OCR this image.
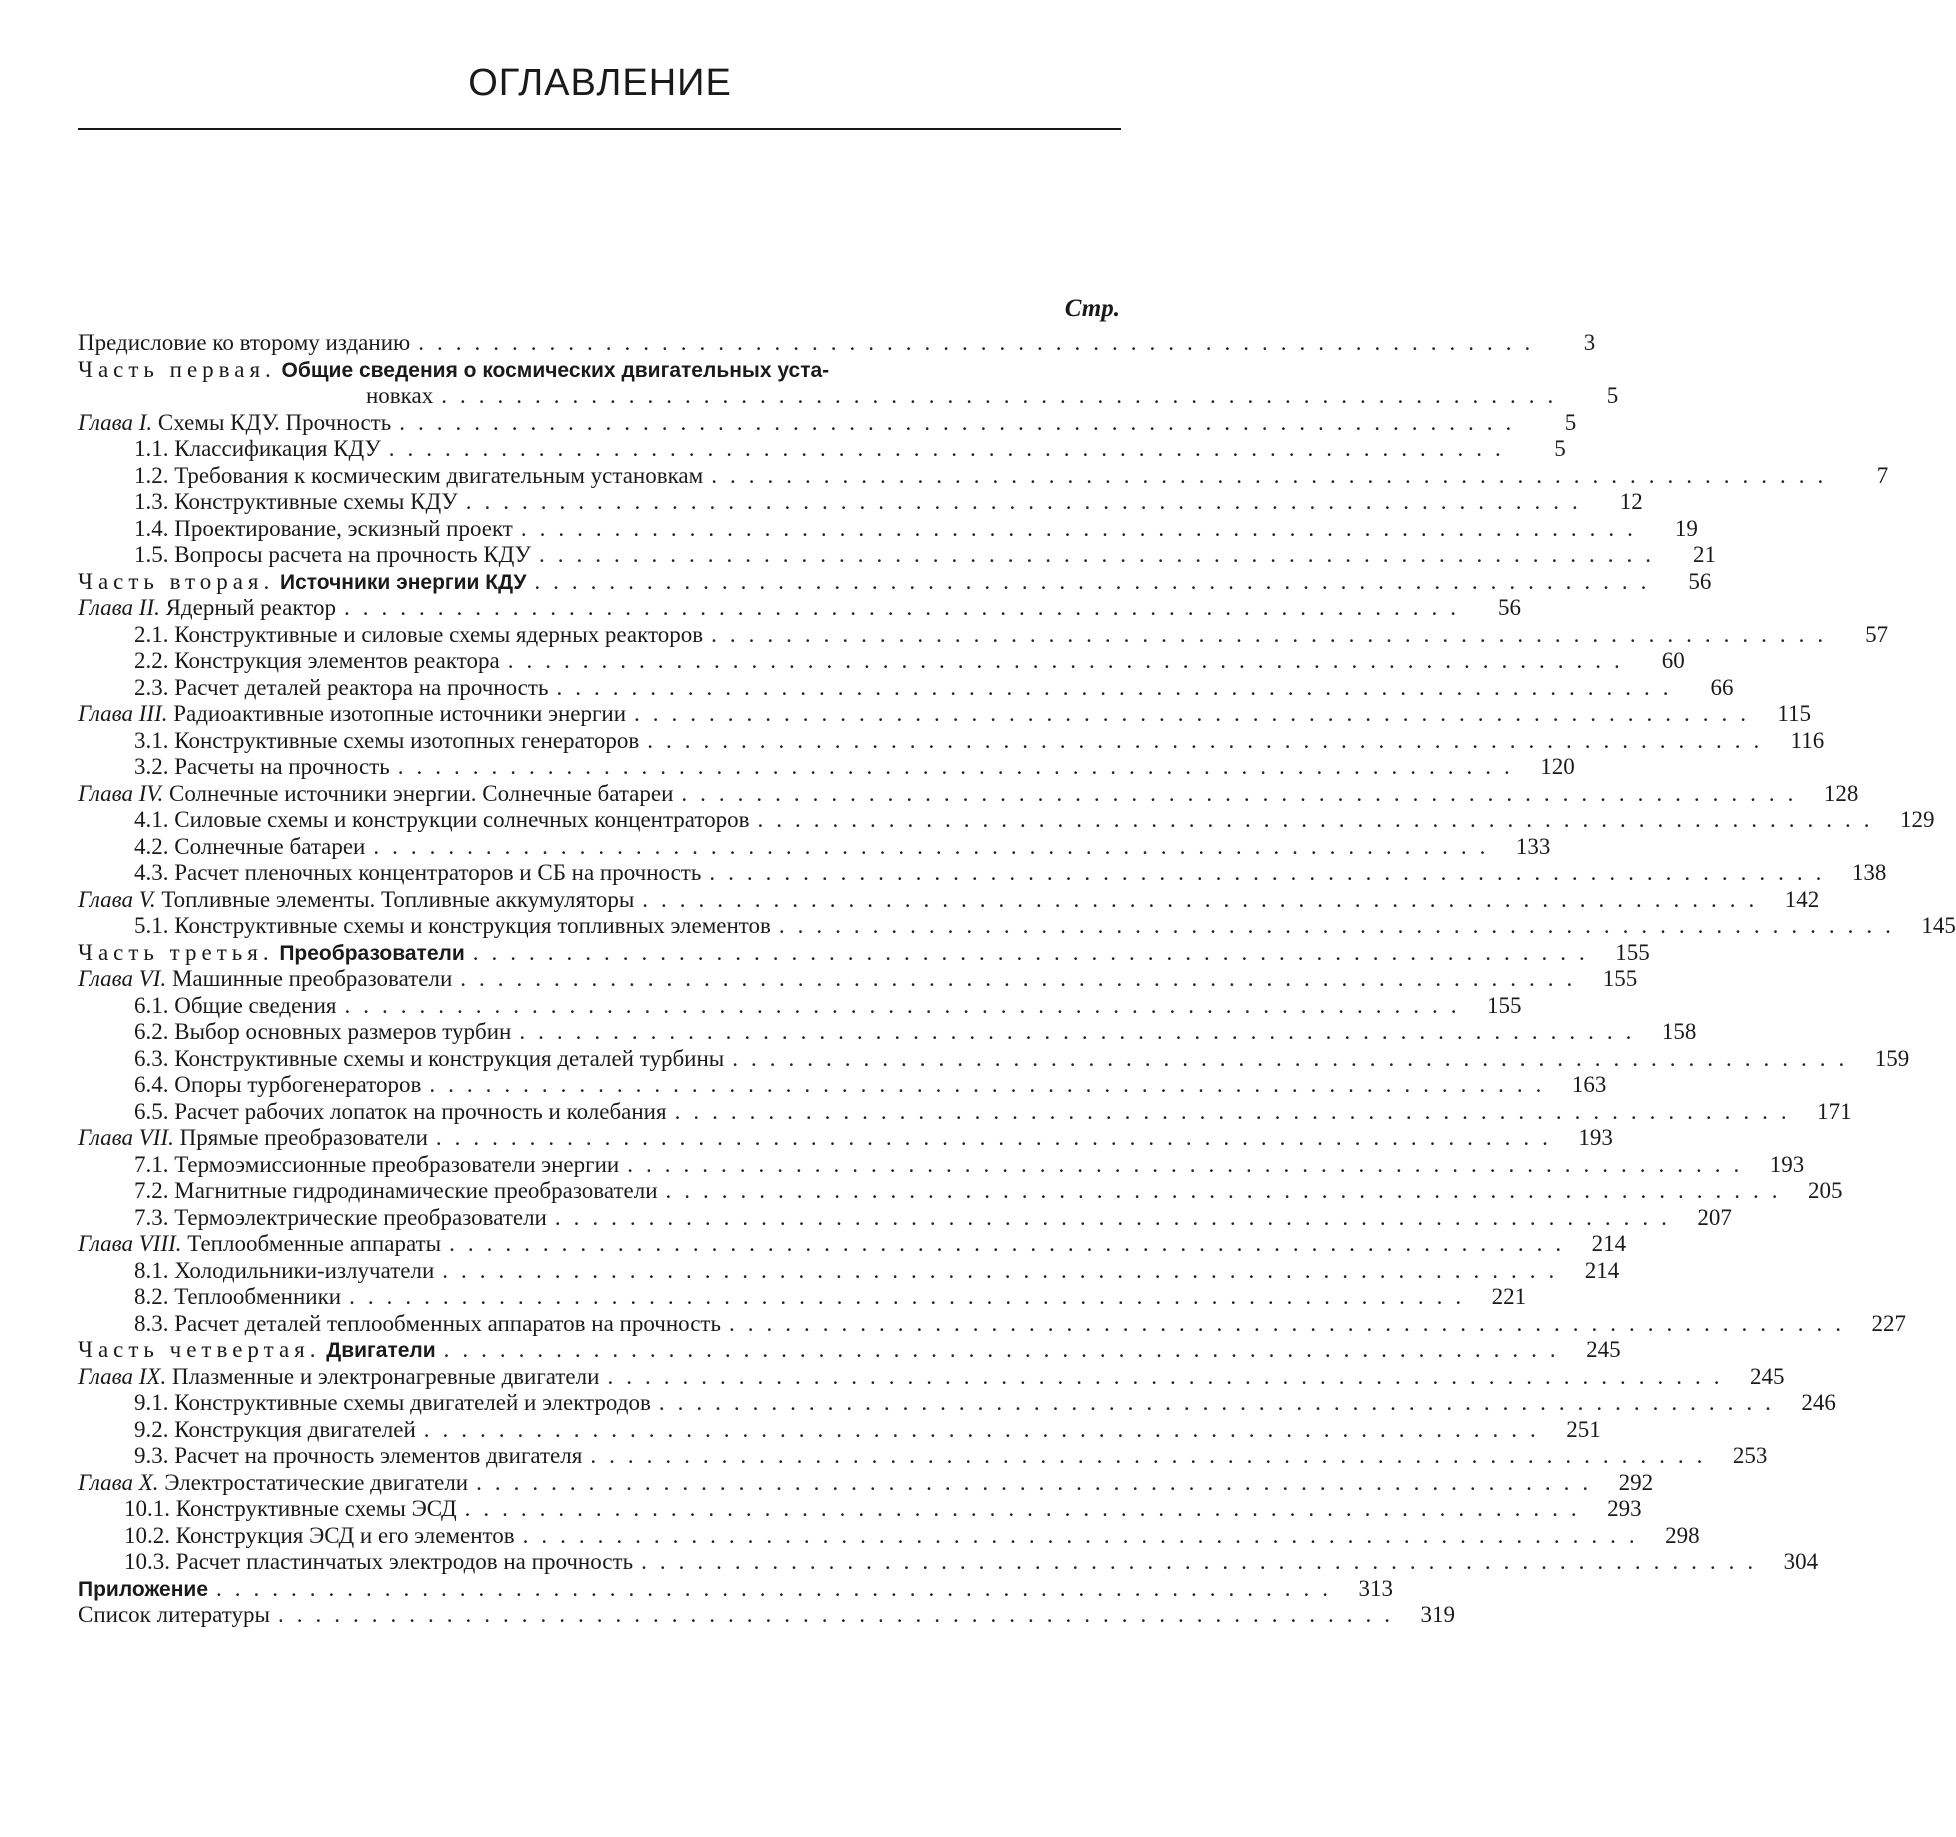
ОГЛАВЛЕНИЕ
Стр.
Предисловие ко второму изданию ............................................................	3
Часть первая. Общие сведения о космических двигательных уста-
новках ............................................................	5
Глава I. Схемы КДУ. Прочность ............................................................	5
1.1. Классификация КДУ ............................................................	5
1.2. Требования к космическим двигательным установкам ............................................................	7
1.3. Конструктивные схемы КДУ ............................................................	12
1.4. Проектирование, эскизный проект ............................................................	19
1.5. Вопросы расчета на прочность КДУ ............................................................	21
Часть вторая. Источники энергии КДУ ............................................................	56
Глава II. Ядерный реактор ............................................................	56
2.1. Конструктивные и силовые схемы ядерных реакторов ............................................................	57
2.2. Конструкция элементов реактора ............................................................	60
2.3. Расчет деталей реактора на прочность ............................................................	66
Глава III. Радиоактивные изотопные источники энергии ............................................................ 115
3.1. Конструктивные схемы изотопных генераторов ............................................................ 116
3.2. Расчеты на прочность ............................................................ 120
Глава IV. Солнечные источники энергии. Солнечные батареи ............................................................ 128
4.1. Силовые схемы и конструкции солнечных концентраторов ............................................................ 129
4.2. Солнечные батареи ............................................................ 133
4.3. Расчет пленочных концентраторов и СБ на прочность ............................................................ 138
Глава V. Топливные элементы. Топливные аккумуляторы ............................................................ 142
5.1. Конструктивные схемы и конструкция топливных элементов ............................................................ 145
Часть третья. Преобразователи ............................................................ 155
Глава VI. Машинные преобразователи ............................................................ 155
6.1. Общие сведения ............................................................ 155
6.2. Выбор основных размеров турбин ............................................................ 158
6.3. Конструктивные схемы и конструкция деталей турбины ............................................................ 159
6.4. Опоры турбогенераторов ............................................................ 163
6.5. Расчет рабочих лопаток на прочность и колебания ............................................................ 171
Глава VII. Прямые преобразователи ............................................................ 193
7.1. Термоэмиссионные преобразователи энергии ............................................................ 193
7.2. Магнитные гидродинамические преобразователи ............................................................ 205
7.3. Термоэлектрические преобразователи ............................................................ 207
Глава VIII. Теплообменные аппараты ............................................................ 214
8.1. Холодильники-излучатели ............................................................ 214
8.2. Теплообменники ............................................................ 221
8.3. Расчет деталей теплообменных аппаратов на прочность ............................................................ 227
Часть четвертая. Двигатели ............................................................ 245
Глава IX. Плазменные и электронагревные двигатели ............................................................ 245
9.1. Конструктивные схемы двигателей и электродов ............................................................ 246
9.2. Конструкция двигателей ............................................................ 251
9.3. Расчет на прочность элементов двигателя ............................................................ 253
Глава X. Электростатические двигатели ............................................................ 292
10.1. Конструктивные схемы ЭСД ............................................................ 293
10.2. Конструкция ЭСД и его элементов ............................................................ 298
10.3. Расчет пластинчатых электродов на прочность ............................................................ 304
Приложение ............................................................ 313
Список литературы ............................................................ 319
